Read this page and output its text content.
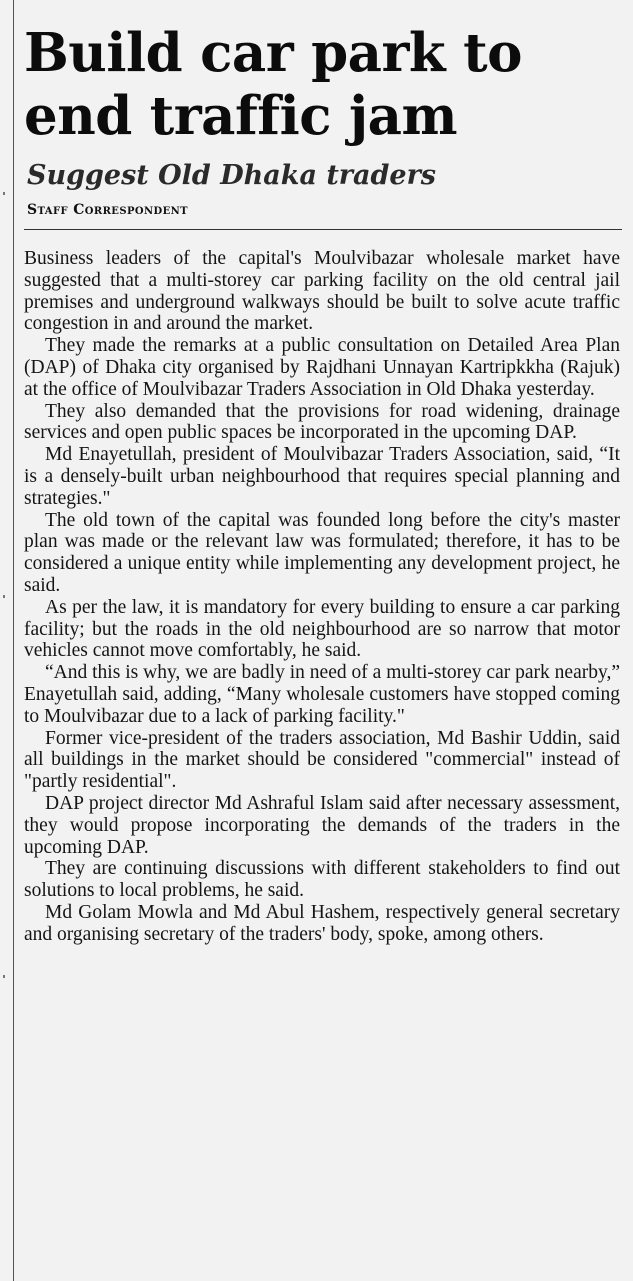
Build car park to end traffic jam
Suggest Old Dhaka traders
Staff Correspondent

Business leaders of the capital's Moulvibazar wholesale market have suggested that a multi-storey car parking facility on the old central jail premises and underground walkways should be built to solve acute traffic congestion in and around the market.

They made the remarks at a public consultation on Detailed Area Plan (DAP) of Dhaka city organised by Rajdhani Unnayan Kartripkkha (Rajuk) at the office of Moulvibazar Traders Association in Old Dhaka yesterday.

They also demanded that the provisions for road widening, drainage services and open public spaces be incorporated in the upcoming DAP.

Md Enayetullah, president of Moulvibazar Traders Association, said, “It is a densely-built urban neighbourhood that requires special planning and strategies."

The old town of the capital was founded long before the city's master plan was made or the relevant law was formulated; therefore, it has to be considered a unique entity while implementing any development project, he said.

As per the law, it is mandatory for every building to ensure a car parking facility; but the roads in the old neighbourhood are so narrow that motor vehicles cannot move comfortably, he said.

“And this is why, we are badly in need of a multi-storey car park nearby,” Enayetullah said, adding, “Many wholesale customers have stopped coming to Moulvibazar due to a lack of parking facility."

Former vice-president of the traders association, Md Bashir Uddin, said all buildings in the market should be considered "commercial" instead of "partly residential".

DAP project director Md Ashraful Islam said after necessary assessment, they would propose incorporating the demands of the traders in the upcoming DAP.

They are continuing discussions with different stakeholders to find out solutions to local problems, he said.

Md Golam Mowla and Md Abul Hashem, respectively general secretary and organising secretary of the traders' body, spoke, among others.
